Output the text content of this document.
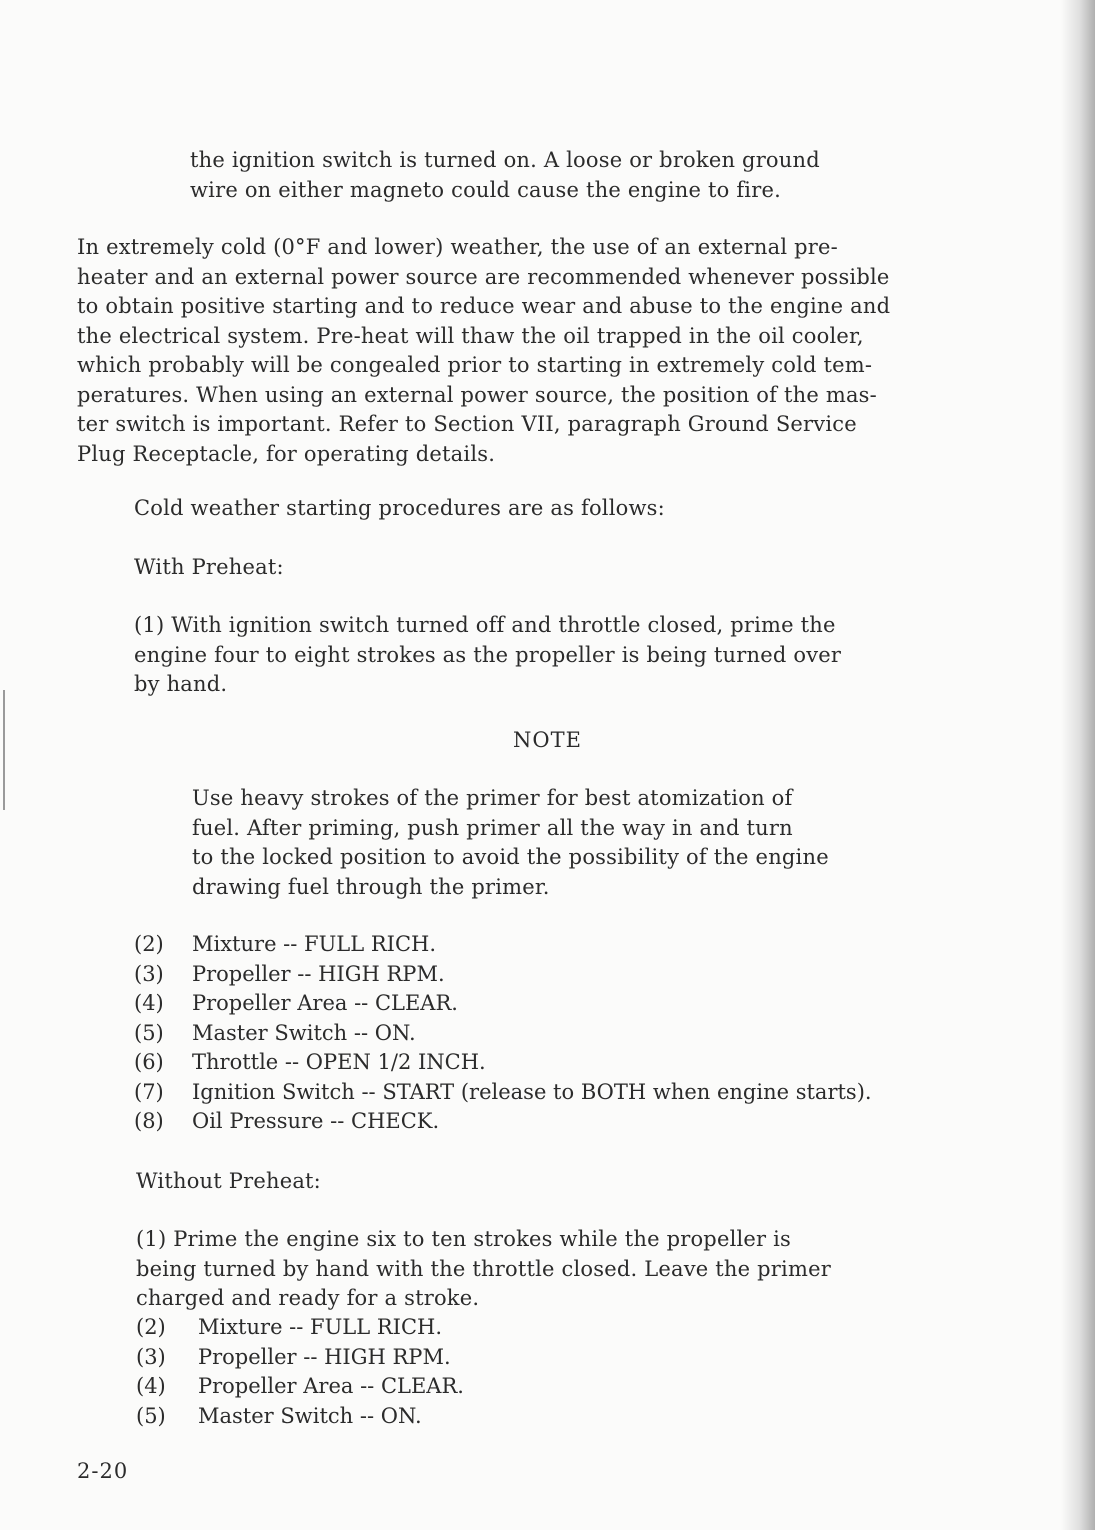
the ignition switch is turned on. A loose or broken ground

wire on either magneto could cause the engine to fire.

In extremely cold (0°F and lower) weather, the use of an external pre-

heater and an external power source are recommended whenever possible

to obtain positive starting and to reduce wear and abuse to the engine and

the electrical system. Pre-heat will thaw the oil trapped in the oil cooler,

which probably will be congealed prior to starting in extremely cold tem-

peratures. When using an external power source, the position of the mas-

ter switch is important. Refer to Section VII, paragraph Ground Service

Plug Receptacle, for operating details.

Cold weather starting procedures are as follows:

With Preheat:

(1) With ignition switch turned off and throttle closed, prime the

engine four to eight strokes as the propeller is being turned over

by hand.

NOTE

Use heavy strokes of the primer for best atomization of

fuel. After priming, push primer all the way in and turn

to the locked position to avoid the possibility of the engine

drawing fuel through the primer.

(2)	Mixture -- FULL RICH.
(3)	Propeller -- HIGH RPM.
(4)	Propeller Area -- CLEAR.
(5)	Master Switch -- ON.
(6)	Throttle -- OPEN 1/2 INCH.
(7)	Ignition Switch -- START (release to BOTH when engine starts).
(8)	Oil Pressure -- CHECK.

Without Preheat:

(1) Prime the engine six to ten strokes while the propeller is

being turned by hand with the throttle closed. Leave the primer

charged and ready for a stroke.

(2)	Mixture -- FULL RICH.
(3)	Propeller -- HIGH RPM.
(4)	Propeller Area -- CLEAR.
(5)	Master Switch -- ON.
2-20
